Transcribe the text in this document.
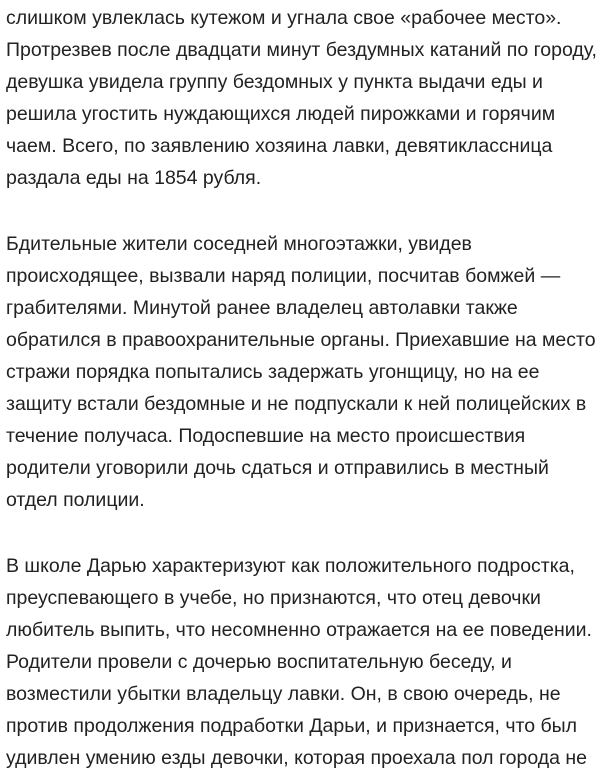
слишком увлеклась кутежом и угнала свое «рабочее место».
Протрезвев после двадцати минут бездумных катаний по городу,
девушка увидела группу бездомных у пункта выдачи еды и
решила угостить нуждающихся людей пирожками и горячим
чаем. Всего, по заявлению хозяина лавки, девятиклассница
раздала еды на 1854 рубля.

Бдительные жители соседней многоэтажки, увидев
происходящее, вызвали наряд полиции, посчитав бомжей —
грабителями. Минутой ранее владелец автолавки также
обратился в правоохранительные органы. Приехавшие на место
стражи порядка попытались задержать угонщицу, но на ее
защиту встали бездомные и не подпускали к ней полицейских в
течение получаса. Подоспевшие на место происшествия
родители уговорили дочь сдаться и отправились в местный
отдел полиции.

В школе Дарью характеризуют как положительного подростка,
преуспевающего в учебе, но признаются, что отец девочки
любитель выпить, что несомненно отражается на ее поведении.
Родители провели с дочерью воспитательную беседу, и
возместили убытки владельцу лавки. Он, в свою очередь, не
против продолжения подработки Дарьи, и признается, что был
удивлен умению езды девочки, которая проехала пол города не
